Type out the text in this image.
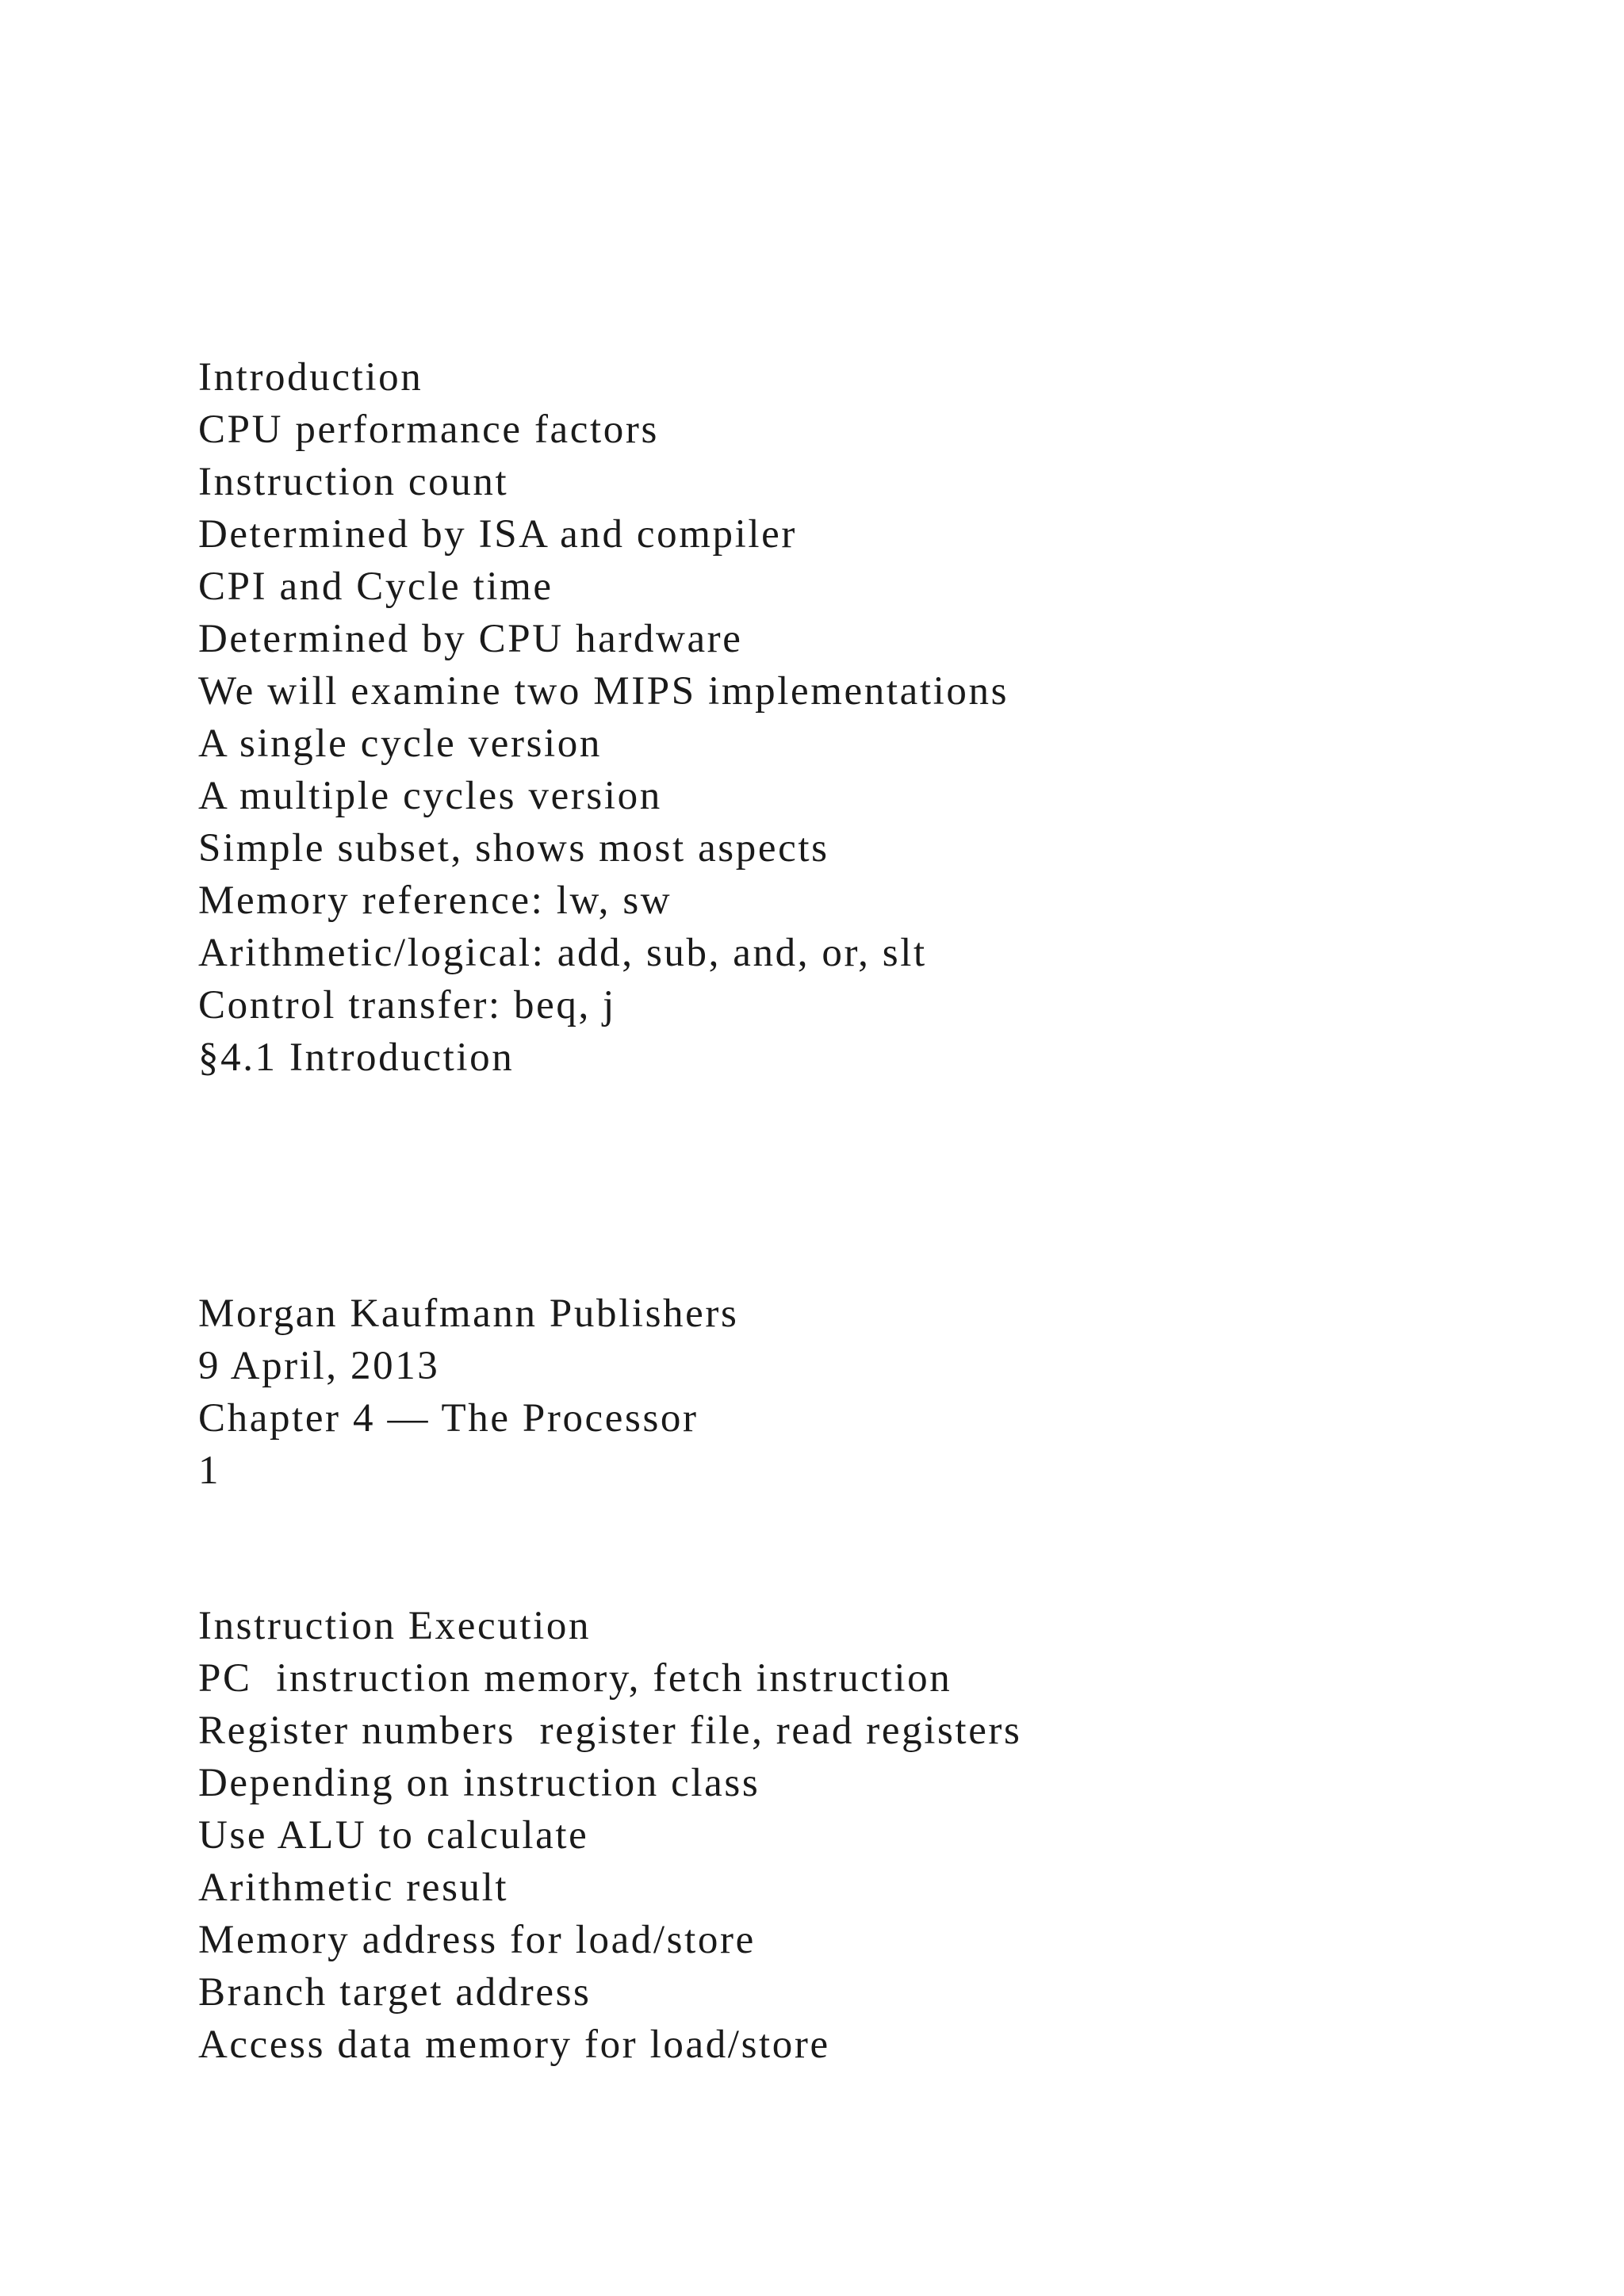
Introduction
CPU performance factors
Instruction count
Determined by ISA and compiler
CPI and Cycle time
Determined by CPU hardware
We will examine two MIPS implementations
A single cycle version
A multiple cycles version
Simple subset, shows most aspects
Memory reference: lw, sw
Arithmetic/logical: add, sub, and, or, slt
Control transfer: beq, j
§4.1 Introduction
Morgan Kaufmann Publishers
9 April, 2013
Chapter 4 — The Processor
1
Instruction Execution
PC  instruction memory, fetch instruction
Register numbers  register file, read registers
Depending on instruction class
Use ALU to calculate
Arithmetic result
Memory address for load/store
Branch target address
Access data memory for load/store
